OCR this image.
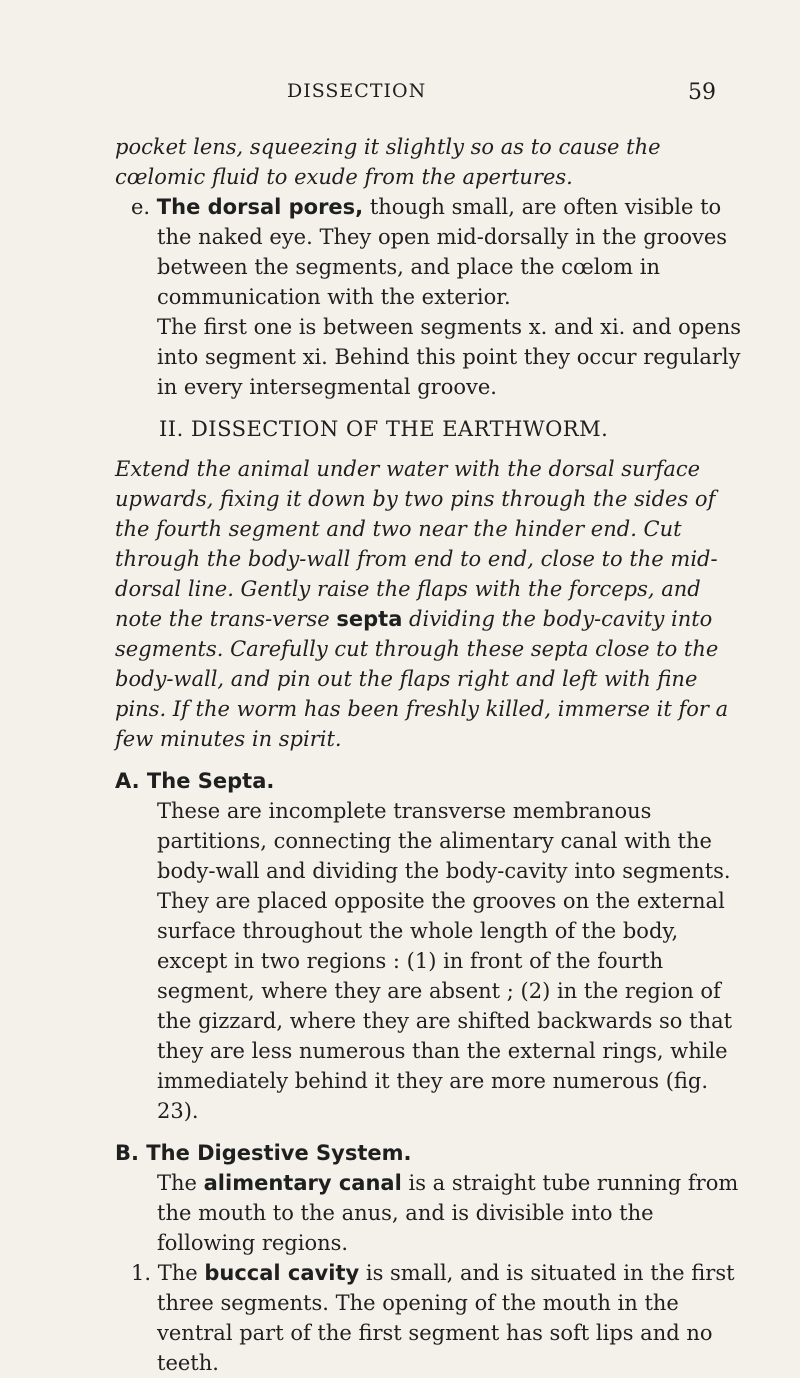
DISSECTION	59

pocket lens, squeezing it slightly so as to cause the cœlomic fluid to exude from the apertures.

e. The dorsal pores, though small, are often visible to the naked eye. They open mid-dorsally in the grooves between the segments, and place the cœlom in communication with the exterior.

The first one is between segments x. and xi. and opens into segment xi. Behind this point they occur regularly in every intersegmental groove.

II. DISSECTION OF THE EARTHWORM.

Extend the animal under water with the dorsal surface upwards, fixing it down by two pins through the sides of the fourth segment and two near the hinder end. Cut through the body-wall from end to end, close to the mid-dorsal line. Gently raise the flaps with the forceps, and note the trans-verse septa dividing the body-cavity into segments. Carefully cut through these septa close to the body-wall, and pin out the flaps right and left with fine pins. If the worm has been freshly killed, immerse it for a few minutes in spirit.

A. The Septa.

These are incomplete transverse membranous partitions, connecting the alimentary canal with the body-wall and dividing the body-cavity into segments. They are placed opposite the grooves on the external surface throughout the whole length of the body, except in two regions : (1) in front of the fourth segment, where they are absent ; (2) in the region of the gizzard, where they are shifted backwards so that they are less numerous than the external rings, while immediately behind it they are more numerous (fig. 23).

B. The Digestive System.

The alimentary canal is a straight tube running from the mouth to the anus, and is divisible into the following regions.

1. The buccal cavity is small, and is situated in the first three segments. The opening of the mouth in the ventral part of the first segment has soft lips and no teeth.
